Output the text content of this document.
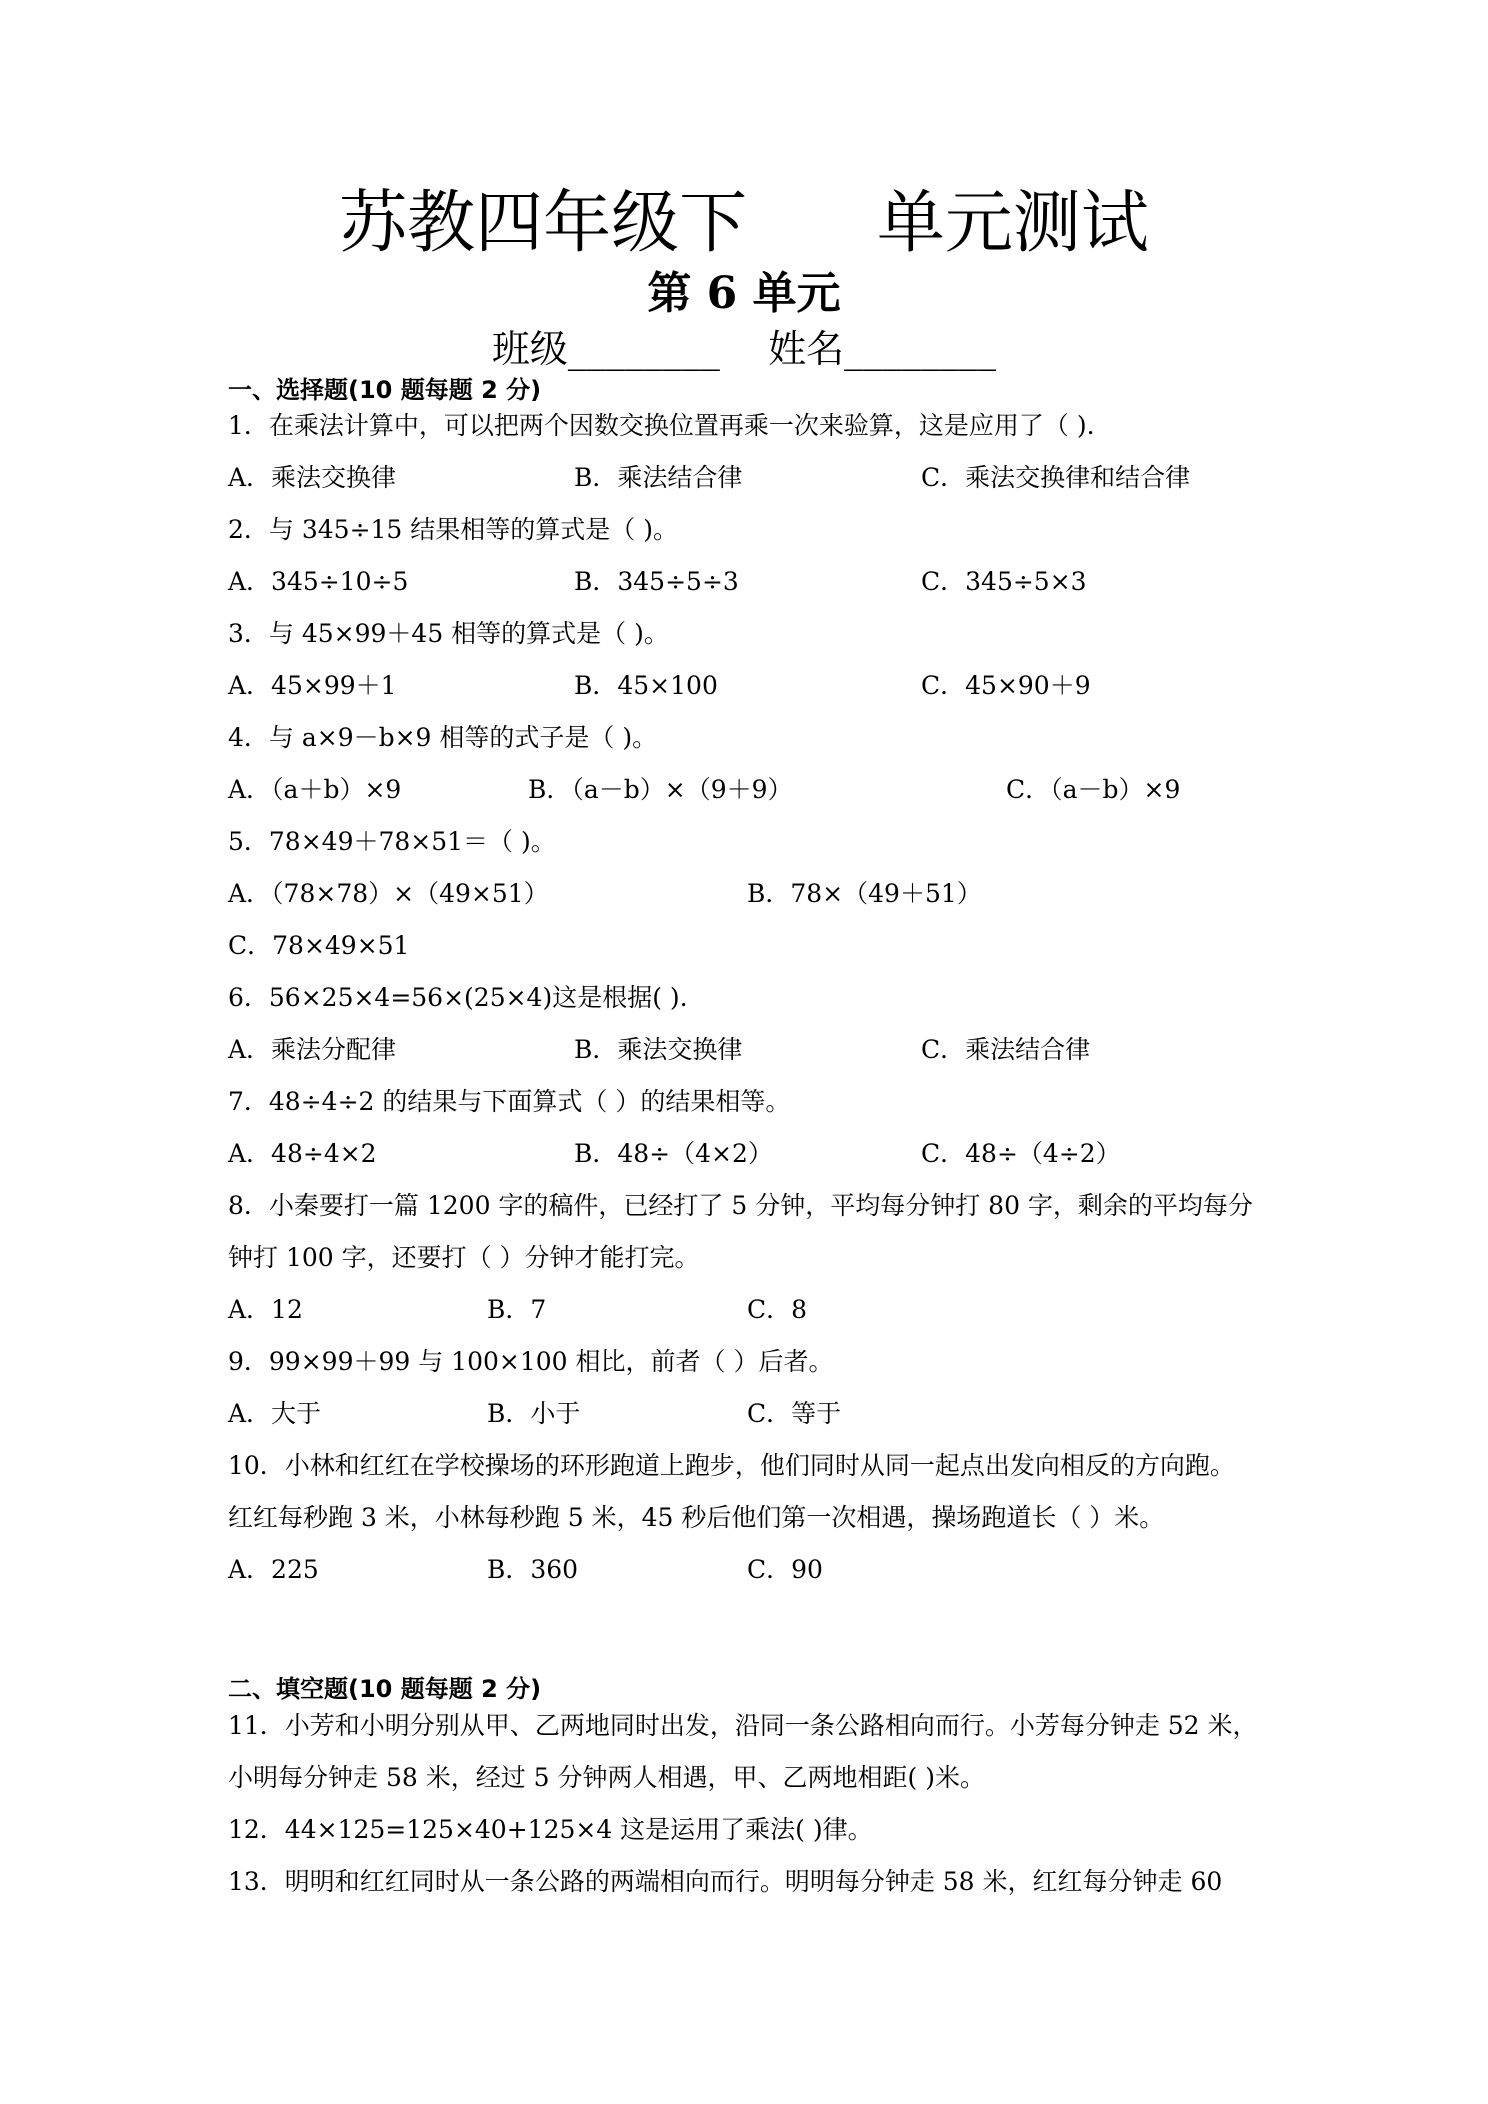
苏教四年级下      单元测试
第 6 单元
班级________    姓名________
一、选择题(10 题每题 2 分)
1．在乘法计算中，可以把两个因数交换位置再乘一次来验算，这是应用了（ ).
A．乘法交换律	B．乘法结合律	C．乘法交换律和结合律
2．与 345÷15 结果相等的算式是（ )。
A．345÷10÷5	B．345÷5÷3	C．345÷5×3
3．与 45×99＋45 相等的算式是（ )。
A．45×99＋1	B．45×100	C．45×90＋9
4．与 a×9－b×9 相等的式子是（ )。
A．（a＋b）×9	B．（a－b）×（9＋9）	C．（a－b）×9
5．78×49＋78×51＝（ )。
A．（78×78）×（49×51）	B．78×（49＋51）
C．78×49×51
6．56×25×4=56×(25×4)这是根据( ).
A．乘法分配律	B．乘法交换律	C．乘法结合律
7．48÷4÷2 的结果与下面算式（ ）的结果相等。
A．48÷4×2	B．48÷（4×2）	C．48÷（4÷2）
8．小秦要打一篇 1200 字的稿件，已经打了 5 分钟，平均每分钟打 80 字，剩余的平均每分
钟打 100 字，还要打（ ）分钟才能打完。
A．12	B．7	C．8
9．99×99＋99 与 100×100 相比，前者（ ）后者。
A．大于	B．小于	C．等于
10．小林和红红在学校操场的环形跑道上跑步，他们同时从同一起点出发向相反的方向跑。
红红每秒跑 3 米，小林每秒跑 5 米，45 秒后他们第一次相遇，操场跑道长（ ）米。
A．225	B．360	C．90
二、填空题(10 题每题 2 分)
11．小芳和小明分别从甲、乙两地同时出发，沿同一条公路相向而行。小芳每分钟走 52 米，
小明每分钟走 58 米，经过 5 分钟两人相遇，甲、乙两地相距( )米。
12．44×125=125×40+125×4 这是运用了乘法( )律。
13．明明和红红同时从一条公路的两端相向而行。明明每分钟走 58 米，红红每分钟走 60
